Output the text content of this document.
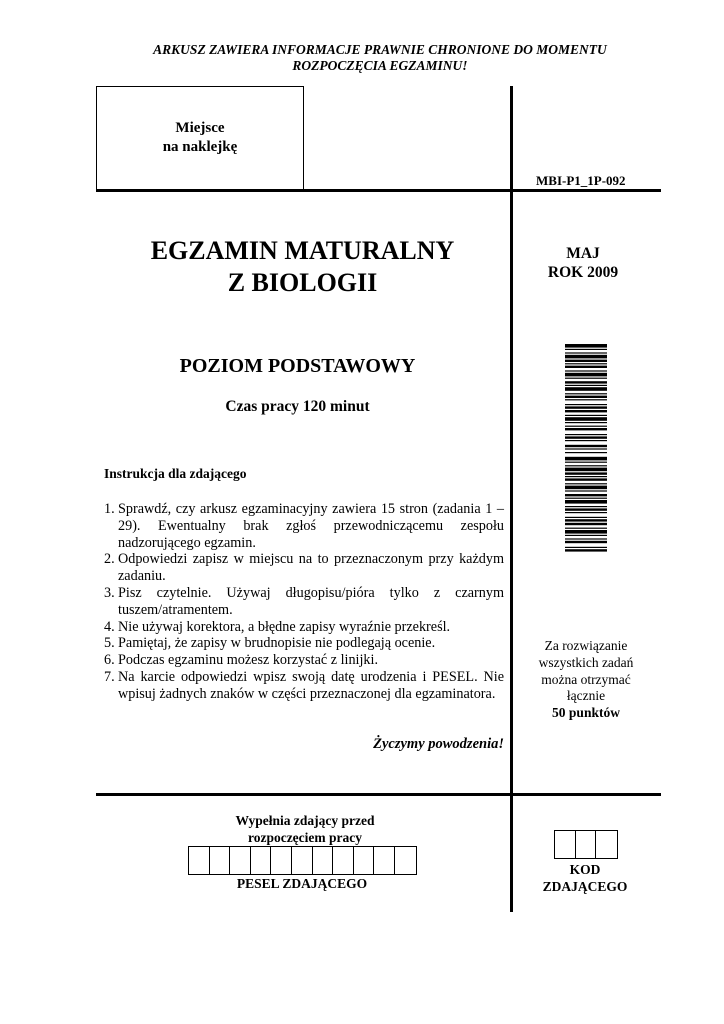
ARKUSZ ZAWIERA INFORMACJE PRAWNIE CHRONIONE DO MOMENTU
ROZPOCZĘCIA EGZAMINU!
Miejsce
na naklejkę
MBI-P1_1P-092
EGZAMIN MATURALNY
Z BIOLOGII
MAJ
ROK 2009
POZIOM PODSTAWOWY
Czas pracy 120 minut
Instrukcja dla zdającego
1. Sprawdź, czy arkusz egzaminacyjny zawiera 15 stron (zadania 1 – 29). Ewentualny brak zgłoś przewodniczącemu zespołu nadzorującego egzamin.
2. Odpowiedzi zapisz w miejscu na to przeznaczonym przy każdym zadaniu.
3. Pisz czytelnie. Używaj długopisu/pióra tylko z czarnym tuszem/atramentem.
4. Nie używaj korektora, a błędne zapisy wyraźnie przekreśl.
5. Pamiętaj, że zapisy w brudnopisie nie podlegają ocenie.
6. Podczas egzaminu możesz korzystać z linijki.
7. Na karcie odpowiedzi wpisz swoją datę urodzenia i PESEL. Nie wpisuj żadnych znaków w części przeznaczonej dla egzaminatora.
Życzymy powodzenia!
Za rozwiązanie
wszystkich zadań
można otrzymać
łącznie
50 punktów
Wypełnia zdający przed
rozpoczęciem pracy
PESEL ZDAJĄCEGO
KOD
ZDAJĄCEGO
